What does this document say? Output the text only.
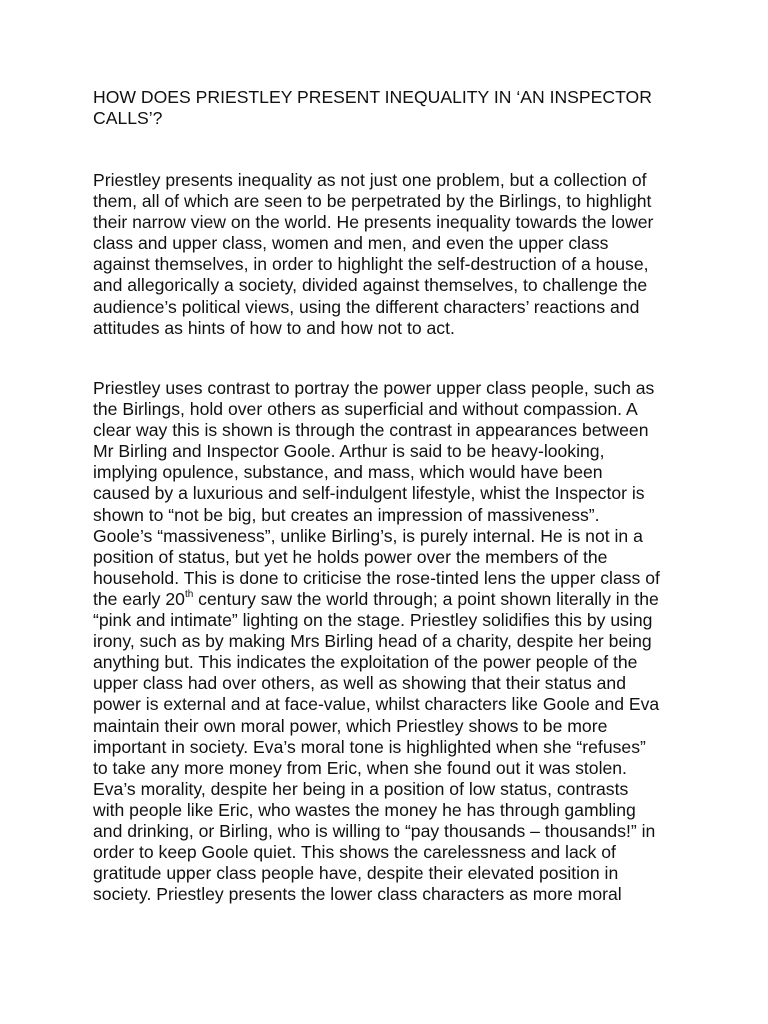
HOW DOES PRIESTLEY PRESENT INEQUALITY IN ‘AN INSPECTOR
CALLS’?
Priestley presents inequality as not just one problem, but a collection of
them, all of which are seen to be perpetrated by the Birlings, to highlight
their narrow view on the world. He presents inequality towards the lower
class and upper class, women and men, and even the upper class
against themselves, in order to highlight the self-destruction of a house,
and allegorically a society, divided against themselves, to challenge the
audience’s political views, using the different characters’ reactions and
attitudes as hints of how to and how not to act.
Priestley uses contrast to portray the power upper class people, such as
the Birlings, hold over others as superficial and without compassion. A
clear way this is shown is through the contrast in appearances between
Mr Birling and Inspector Goole. Arthur is said to be heavy-looking,
implying opulence, substance, and mass, which would have been
caused by a luxurious and self-indulgent lifestyle, whist the Inspector is
shown to “not be big, but creates an impression of massiveness”.
Goole’s “massiveness”, unlike Birling’s, is purely internal. He is not in a
position of status, but yet he holds power over the members of the
household. This is done to criticise the rose-tinted lens the upper class of
the early 20th century saw the world through; a point shown literally in the
“pink and intimate” lighting on the stage. Priestley solidifies this by using
irony, such as by making Mrs Birling head of a charity, despite her being
anything but. This indicates the exploitation of the power people of the
upper class had over others, as well as showing that their status and
power is external and at face-value, whilst characters like Goole and Eva
maintain their own moral power, which Priestley shows to be more
important in society. Eva’s moral tone is highlighted when she “refuses”
to take any more money from Eric, when she found out it was stolen.
Eva’s morality, despite her being in a position of low status, contrasts
with people like Eric, who wastes the money he has through gambling
and drinking, or Birling, who is willing to “pay thousands – thousands!” in
order to keep Goole quiet. This shows the carelessness and lack of
gratitude upper class people have, despite their elevated position in
society. Priestley presents the lower class characters as more moral
